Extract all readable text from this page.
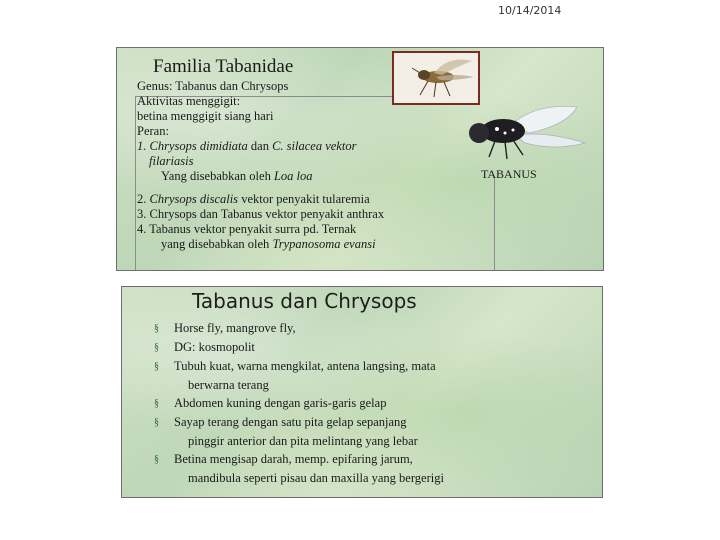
10/14/2014
Familia Tabanidae
Genus: Tabanus dan Chrysops
Aktivitas menggigit:
betina menggigit siang hari
Peran:
1. Chrysops dimidiata dan C. silacea vektor
filariasis
Yang disebabkan oleh Loa loa
2. Chrysops discalis vektor penyakit tularemia
3. Chrysops dan Tabanus vektor penyakit anthrax
4. Tabanus vektor penyakit surra pd. Ternak
yang disebabkan oleh Trypanosoma evansi
TABANUS
Tabanus dan Chrysops
§ Horse fly, mangrove fly,
§ DG: kosmopolit
§ Tubuh kuat, warna mengkilat, antena langsing, mata
berwarna terang
§ Abdomen kuning dengan garis-garis gelap
§ Sayap terang dengan satu pita gelap sepanjang
pinggir anterior dan pita melintang yang lebar
§ Betina mengisap darah, memp. epifaring jarum,
mandibula seperti pisau dan maxilla yang bergerigi
